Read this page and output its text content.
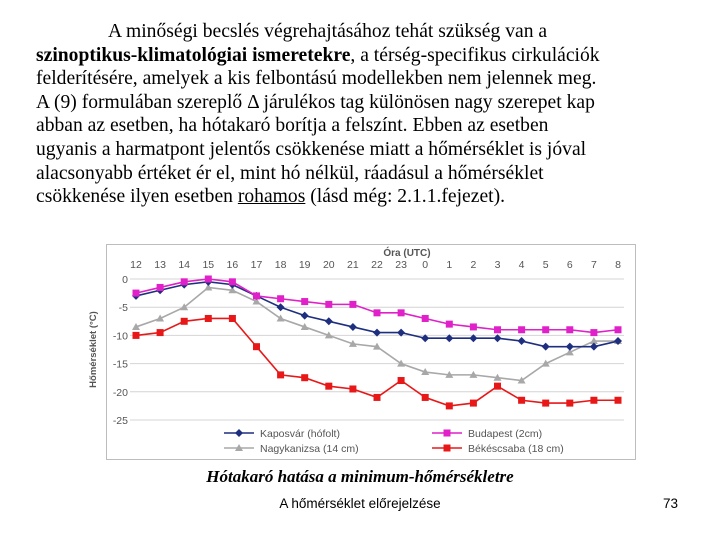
A minőségi becslés végrehajtásához tehát szükség van a
szinoptikus-klimatológiai ismeretekre, a térség-specifikus cirkulációk
felderítésére, amelyek a kis felbontású modellekben nem jelennek meg.
A (9) formulában szereplő Δ járulékos tag különösen nagy szerepet kap
abban az esetben, ha hótakaró borítja a felszínt. Ebben az esetben
ugyanis a harmatpont jelentős csökkenése miatt a hőmérséklet is jóval
alacsonyabb értéket ér el, mint hó nélkül, ráadásul a hőmérséklet
csökkenése ilyen esetben rohamos (lásd még: 2.1.1.fejezet).
0
-5
-10
-15
-20
-25
Óra (UTC)
12 13 14 15 16 17 18 19 20 21 22 23 0 1 2 3 4 5 6 7 8
Hőmérséklet (°C)
Kaposvár (hófolt)	Budapest (2cm)
Nagykanizsa (14 cm)	Békéscsaba (18 cm)
Hótakaró hatása a minimum-hőmérsékletre
A hőmérséklet előrejelzése	73
